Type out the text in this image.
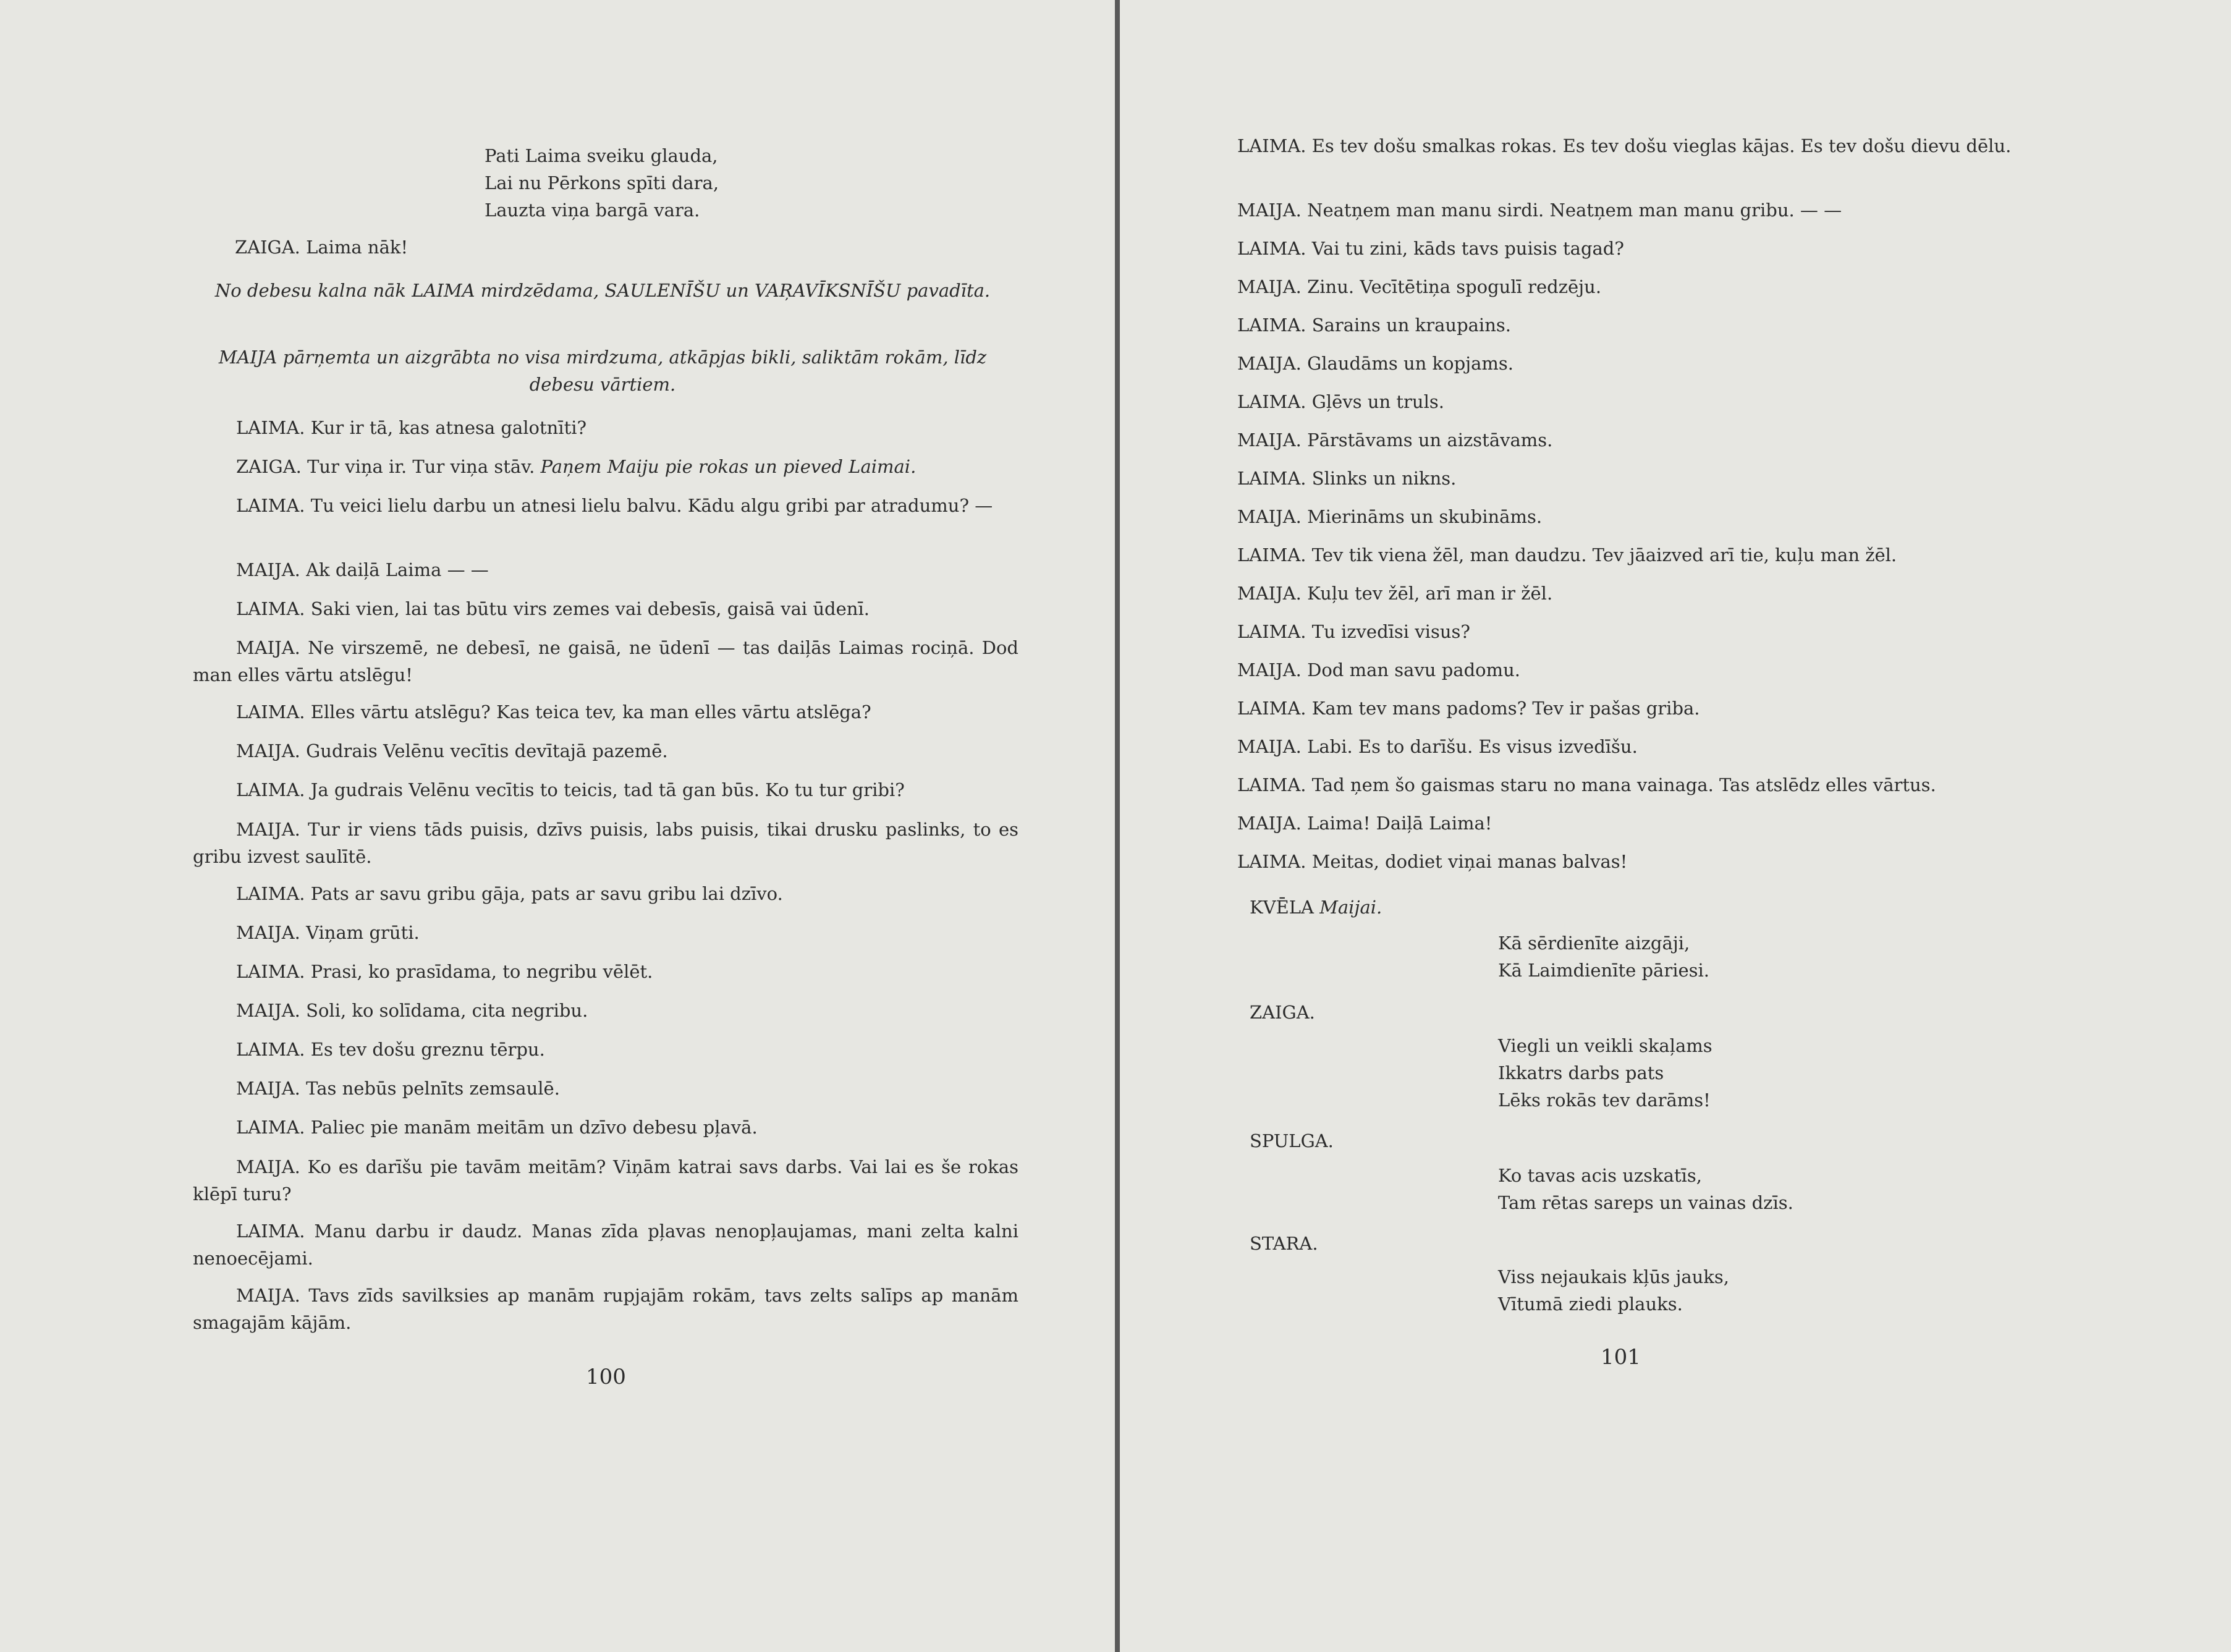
Pati Laima sveiku glauda,
Lai nu Pērkons spīti dara,
Lauzta viņa bargā vara.
ZAIGA. Laima nāk!
No debesu kalna nāk LAIMA mirdzēdama, SAULENĪŠU un VAŖAVĪKSNĪŠU pavadīta.
MAIJA pārņemta un aizgrābta no visa mirdzuma, atkāpjas bikli, saliktām rokām, līdz debesu vārtiem.
LAIMA. Kur ir tā, kas atnesa galotnīti?
ZAIGA. Tur viņa ir. Tur viņa stāv. Paņem Maiju pie rokas un pieved Laimai.
LAIMA. Tu veici lielu darbu un atnesi lielu balvu. Kādu algu gribi par atradumu? —
MAIJA. Ak daiļā Laima — —
LAIMA. Saki vien, lai tas būtu virs zemes vai debesīs, gaisā vai ūdenī.
MAIJA. Ne virszemē, ne debesī, ne gaisā, ne ūdenī — tas daiļās Laimas rociņā. Dod man elles vārtu atslēgu!
LAIMA. Elles vārtu atslēgu? Kas teica tev, ka man elles vārtu atslēga?
MAIJA. Gudrais Velēnu vecītis devītajā pazemē.
LAIMA. Ja gudrais Velēnu vecītis to teicis, tad tā gan būs. Ko tu tur gribi?
MAIJA. Tur ir viens tāds puisis, dzīvs puisis, labs puisis, tikai drusku paslinks, to es gribu izvest saulītē.
LAIMA. Pats ar savu gribu gāja, pats ar savu gribu lai dzīvo.
MAIJA. Viņam grūti.
LAIMA. Prasi, ko prasīdama, to negribu vēlēt.
MAIJA. Soli, ko solīdama, cita negribu.
LAIMA. Es tev došu greznu tērpu.
MAIJA. Tas nebūs pelnīts zemsaulē.
LAIMA. Paliec pie manām meitām un dzīvo debesu pļavā.
MAIJA. Ko es darīšu pie tavām meitām? Viņām katrai savs darbs. Vai lai es še rokas klēpī turu?
LAIMA. Manu darbu ir daudz. Manas zīda pļavas nenopļaujamas, mani zelta kalni nenoecējami.
MAIJA. Tavs zīds savilksies ap manām rupjajām rokām, tavs zelts salīps ap manām smagajām kājām.
100
LAIMA. Es tev došu smalkas rokas. Es tev došu vieglas kājas. Es tev došu dievu dēlu.
MAIJA. Neatņem man manu sirdi. Neatņem man manu gribu. — —
LAIMA. Vai tu zini, kāds tavs puisis tagad?
MAIJA. Zinu. Vecītētiņa spogulī redzēju.
LAIMA. Sarains un kraupains.
MAIJA. Glaudāms un kopjams.
LAIMA. Gļēvs un truls.
MAIJA. Pārstāvams un aizstāvams.
LAIMA. Slinks un nikns.
MAIJA. Mierināms un skubināms.
LAIMA. Tev tik viena žēl, man daudzu. Tev jāaizved arī tie, kuļu man žēl.
MAIJA. Kuļu tev žēl, arī man ir žēl.
LAIMA. Tu izvedīsi visus?
MAIJA. Dod man savu padomu.
LAIMA. Kam tev mans padoms? Tev ir pašas griba.
MAIJA. Labi. Es to darīšu. Es visus izvedīšu.
LAIMA. Tad ņem šo gaismas staru no mana vainaga. Tas atslēdz elles vārtus.
MAIJA. Laima! Daiļā Laima!
LAIMA. Meitas, dodiet viņai manas balvas!
KVĒLA Maijai.
Kā sērdienīte aizgāji,
Kā Laimdienīte pāriesi.
ZAIGA.
Viegli un veikli skaļams
Ikkatrs darbs pats
Lēks rokās tev darāms!
SPULGA.
Ko tavas acis uzskatīs,
Tam rētas sareps un vainas dzīs.
STARA.
Viss nejaukais kļūs jauks,
Vītumā ziedi plauks.
101
